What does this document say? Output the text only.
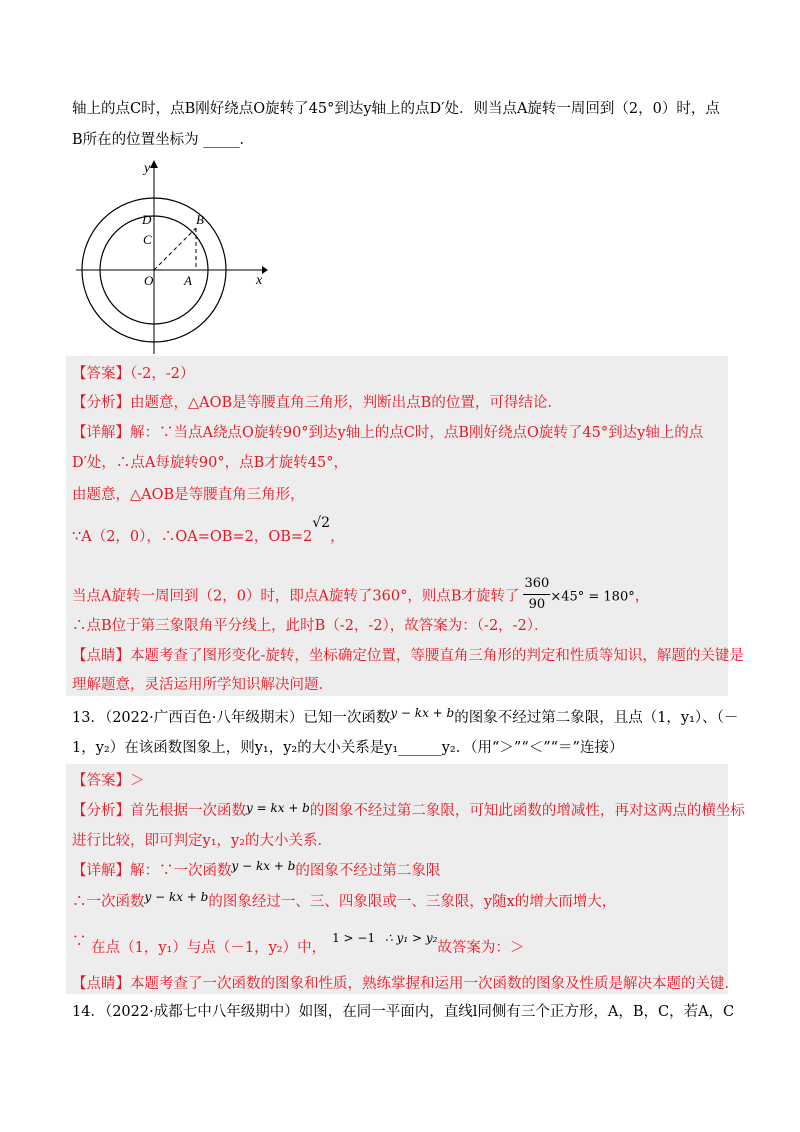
轴上的点C时，点B刚好绕点O旋转了45°到达y轴上的点D′处．则当点A旋转一周回到（2，0）时，点
B所在的位置坐标为 _____．
y
x
D	B
C
O A
【答案】（-2，-2）
【分析】由题意，△AOB是等腰直角三角形，判断出点B的位置，可得结论．
【详解】解：∵当点A绕点O旋转90°到达y轴上的点C时，点B刚好绕点O旋转了45°到达y轴上的点
D′处，∴点A每旋转90°，点B才旋转45°，
由题意，△AOB是等腰直角三角形，
∵A（2，0），∴OA=OB=2，OB=2√2，
当点A旋转一周回到（2，0）时，即点A旋转了360°，则点B才旋转了 $\frac{360}{90} \times 45^\circ = 180^\circ$，
∴点B位于第三象限角平分线上，此时B（-2，-2），故答案为：（-2，-2）．
【点睛】本题考查了图形变化-旋转，坐标确定位置，等腰直角三角形的判定和性质等知识，解题的关键是
理解题意，灵活运用所学知识解决问题．
13．（2022·广西百色·八年级期末）已知一次函数$^{y - kx + b}$的图象不经过第二象限，且点（1，y₁）、（－
1，y₂）在该函数图象上，则y₁，y₂的大小关系是y₁______y₂．（用“＞”“＜”“＝”连接）
【答案】＞
【分析】首先根据一次函数$^{y = kx + b}$的图象不经过第二象限，可知此函数的增减性，再对这两点的横坐标
进行比较，即可判定y₁，y₂的大小关系．
【详解】解：∵一次函数$^{y - kx + b}$的图象不经过第二象限
∴一次函数$^{y - kx + b}$的图象经过一、三、四象限或一、三象限，y随x的增大而增大，
∵ 在点（1，y₁）与点（－1，y₂）中，$^{1 > -1}$ $^{\therefore y_1 > y_2}$故答案为：＞
【点睛】本题考查了一次函数的图象和性质，熟练掌握和运用一次函数的图象及性质是解决本题的关键．
14．（2022·成都七中八年级期中）如图，在同一平面内，直线l同侧有三个正方形，A，B，C，若A，C
